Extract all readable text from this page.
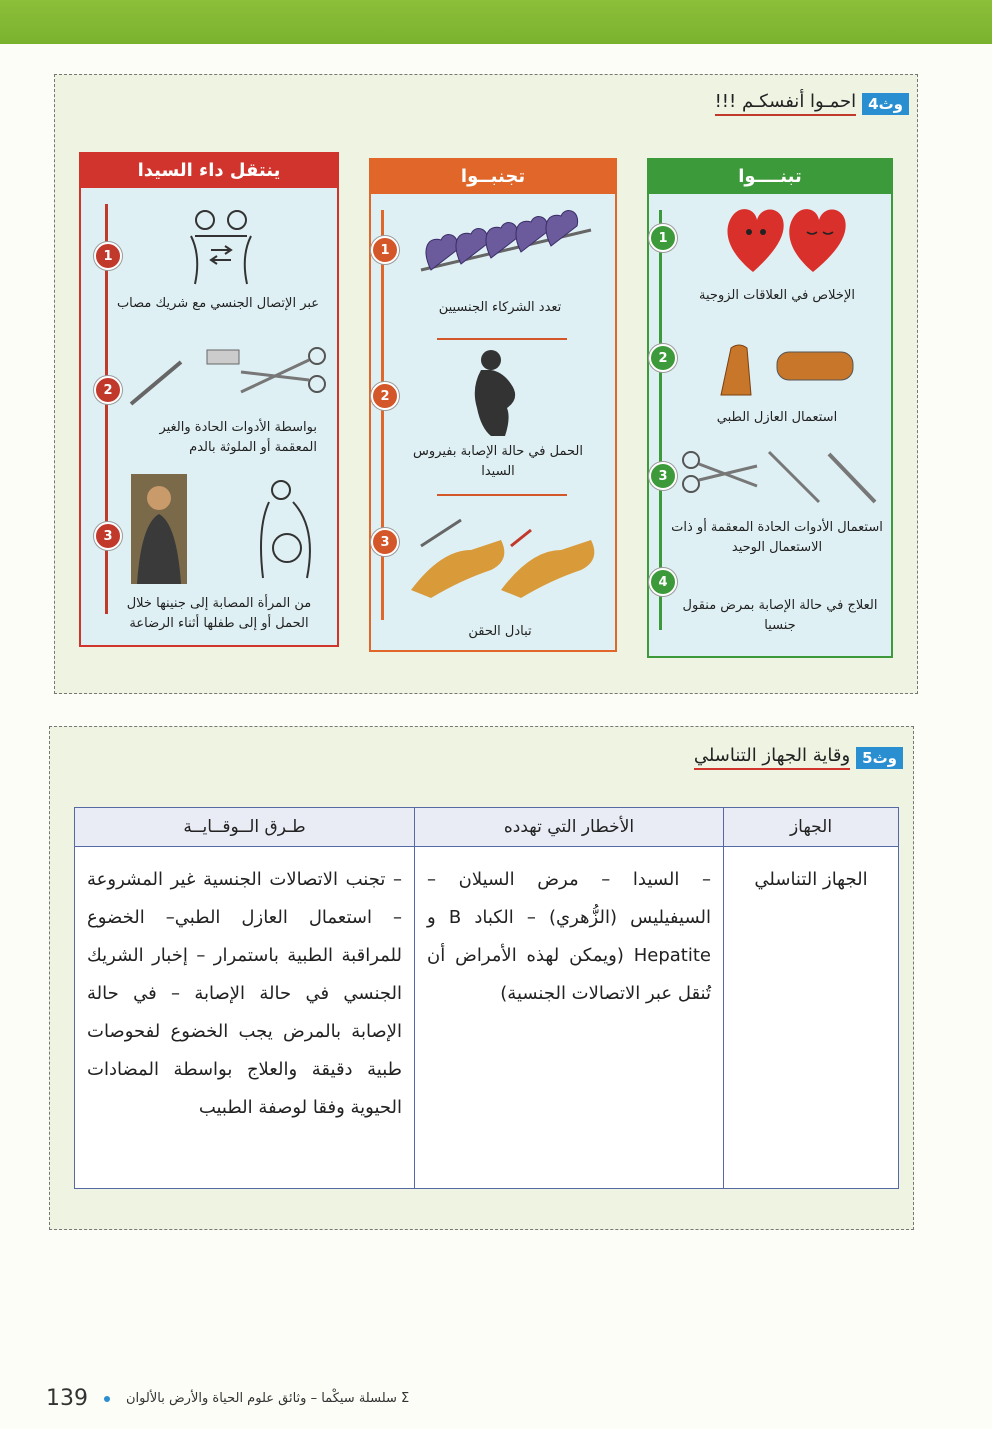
وث4
احمـوا أنفسكـم !!!
تبنــــوا
1
الإخلاص في العلاقات الزوجية
2
استعمال العازل الطبي
3
استعمال الأدوات الحادة المعقمة أو ذات الاستعمال الوحيد
4
العلاج في حالة الإصابة بمرض منقول جنسيا
تجنبــوا
1
تعدد الشركاء الجنسيين
2
الحمل في حالة الإصابة بفيروس السيدا
3
تبادل الحقن
ينتقل داء السيدا
1
عبر الإتصال الجنسي مع شريك مصاب
2
بواسطة الأدوات الحادة والغير المعقمة أو الملوثة بالدم
3
من المرأة المصابة إلى جنينها خلال الحمل أو إلى طفلها أثناء الرضاعة
وث5
وقاية الجهاز التناسلي
الجهاز	الأخطار التي تهدده	طـرق الــوقــايــة
الجهاز التناسلي	– السيدا – مرض السيلان – السيفيليس (الزُّهري) – الكباد B و Hepatite (ويمكن لهذه الأمراض أن تُنقل عبر الاتصالات الجنسية)	– تجنب الاتصالات الجنسية غير المشروعة – استعمال العازل الطبي– الخضوع للمراقبة الطبية باستمرار – إخبار الشريك الجنسي في حالة الإصابة – في حالة الإصابة بالمرض يجب الخضوع لفحوصات طبية دقيقة والعلاج بواسطة المضادات الحيوية وفقا لوصفة الطبيب
139	Σ سلسلة سيكْما – وثائق علوم الحياة والأرض بالألوان
